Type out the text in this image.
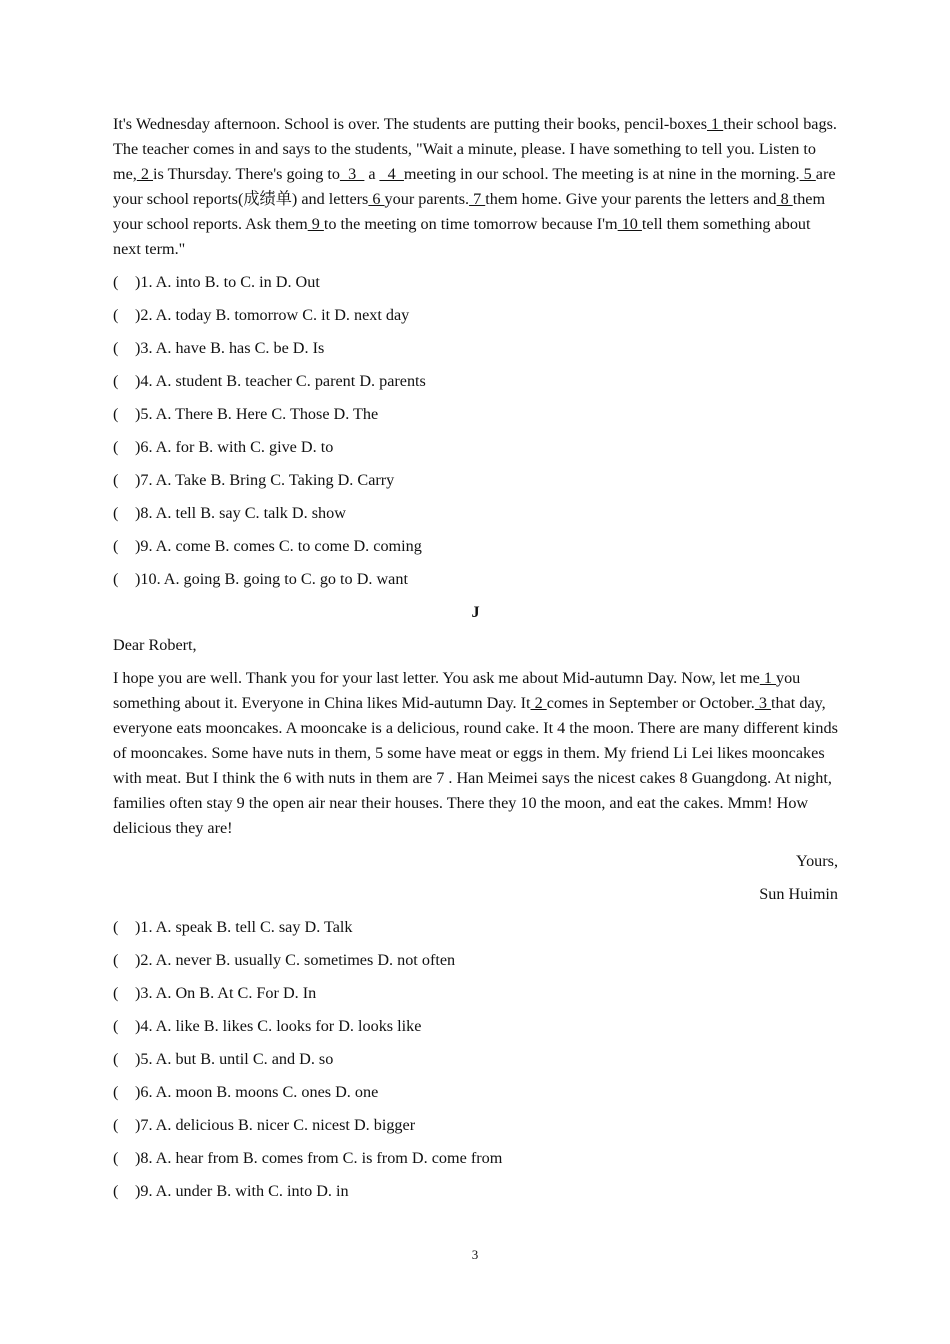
It's Wednesday afternoon. School is over. The students are putting their books, pencil-boxes 1 their school bags. The teacher comes in and says to the students, "Wait a minute, please. I have something to tell you. Listen to me, 2 is Thursday. There's going to_3_ a _4_meeting in our school. The meeting is at nine in the morning. 5 are your school reports(成绩单) and letters 6 your parents. 7 them home. Give your parents the letters and 8 them your school reports. Ask them 9 to the meeting on time tomorrow because I'm 10 tell them something about next term."

(	)1. A. into B. to C. in D. Out
(	)2. A. today B. tomorrow C. it D. next day
(	)3. A. have B. has C. be D. Is
(	)4. A. student B. teacher C. parent D. parents
(	)5. A. There B. Here C. Those D. The
(	)6. A. for B. with C. give D. to
(	)7. A. Take B. Bring C. Taking D. Carry
(	)8. A. tell B. say C. talk D. show
(	)9. A. come B. comes C. to come D. coming
(	)10. A. going B. going to C. go to D. want
J
Dear Robert,

I hope you are well. Thank you for your last letter. You ask me about Mid-autumn Day. Now, let me 1 you something about it. Everyone in China likes Mid-autumn Day. It 2 comes in September or October. 3 that day, everyone eats mooncakes. A mooncake is a delicious, round cake. It 4 the moon. There are many different kinds of mooncakes. Some have nuts in them, 5 some have meat or eggs in them. My friend Li Lei likes mooncakes with meat. But I think the 6 with nuts in them are 7 . Han Meimei says the nicest cakes 8 Guangdong. At night, families often stay 9 the open air near their houses. There they 10 the moon, and eat the cakes. Mmm! How delicious they are!

Yours,
Sun Huimin
(	)1. A. speak B. tell C. say D. Talk
(	)2. A. never B. usually C. sometimes D. not often
(	)3. A. On B. At C. For D. In
(	)4. A. like B. likes C. looks for D. looks like
(	)5. A. but B. until C. and D. so
(	)6. A. moon B. moons C. ones D. one
(	)7. A. delicious B. nicer C. nicest D. bigger
(	)8. A. hear from B. comes from C. is from D. come from
(	)9. A. under B. with C. into D. in
3
